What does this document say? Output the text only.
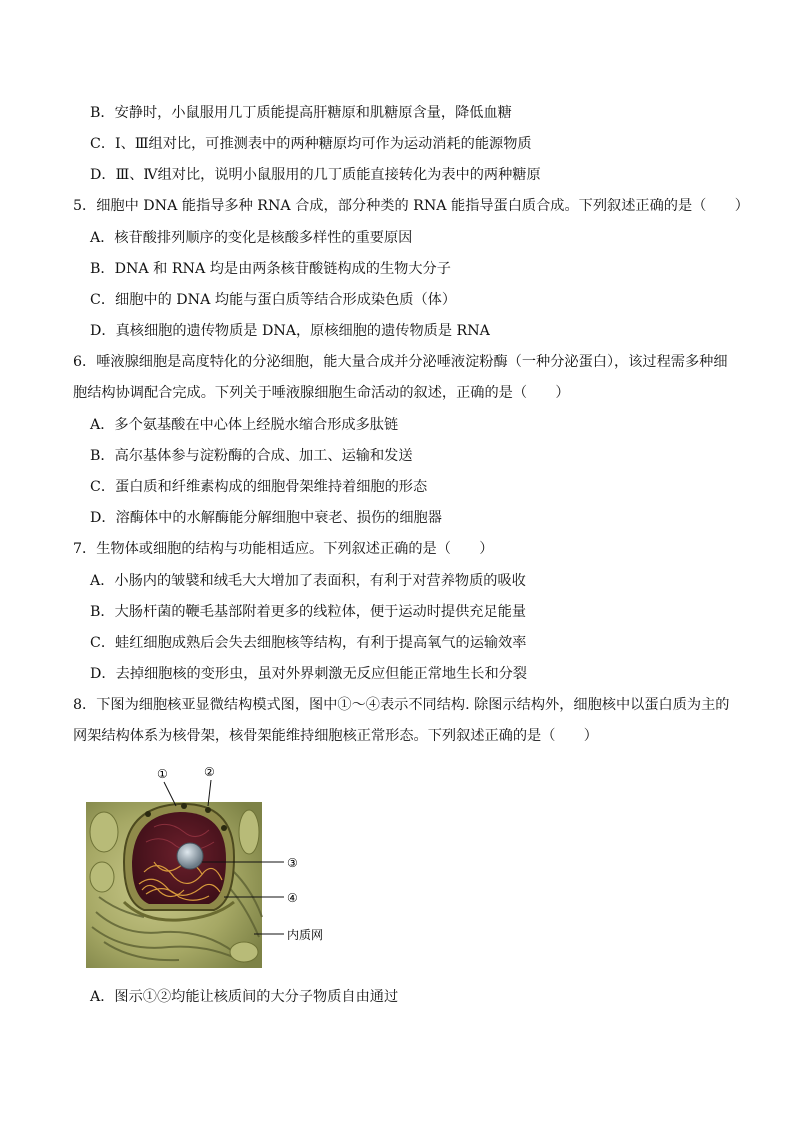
B．安静时，小鼠服用几丁质能提高肝糖原和肌糖原含量，降低血糖
C．Ⅰ、Ⅲ组对比，可推测表中的两种糖原均可作为运动消耗的能源物质
D．Ⅲ、Ⅳ组对比，说明小鼠服用的几丁质能直接转化为表中的两种糖原
5．细胞中 DNA 能指导多种 RNA 合成，部分种类的 RNA 能指导蛋白质合成。下列叙述正确的是（　　）
A．核苷酸排列顺序的变化是核酸多样性的重要原因
B．DNA 和 RNA 均是由两条核苷酸链构成的生物大分子
C．细胞中的 DNA 均能与蛋白质等结合形成染色质（体）
D．真核细胞的遗传物质是 DNA，原核细胞的遗传物质是 RNA
6．唾液腺细胞是高度特化的分泌细胞，能大量合成并分泌唾液淀粉酶（一种分泌蛋白），该过程需多种细
胞结构协调配合完成。下列关于唾液腺细胞生命活动的叙述，正确的是（　　）
A．多个氨基酸在中心体上经脱水缩合形成多肽链
B．高尔基体参与淀粉酶的合成、加工、运输和发送
C．蛋白质和纤维素构成的细胞骨架维持着细胞的形态
D．溶酶体中的水解酶能分解细胞中衰老、损伤的细胞器
7．生物体或细胞的结构与功能相适应。下列叙述正确的是（　　）
A．小肠内的皱襞和绒毛大大增加了表面积，有利于对营养物质的吸收
B．大肠杆菌的鞭毛基部附着更多的线粒体，便于运动时提供充足能量
C．蛙红细胞成熟后会失去细胞核等结构，有利于提高氧气的运输效率
D．去掉细胞核的变形虫，虽对外界刺激无反应但能正常地生长和分裂
8．下图为细胞核亚显微结构模式图，图中①～④表示不同结构. 除图示结构外，细胞核中以蛋白质为主的
网架结构体系为核骨架，核骨架能维持细胞核正常形态。下列叙述正确的是（　　）
①	②
③
④
内质网
A．图示①②均能让核质间的大分子物质自由通过
